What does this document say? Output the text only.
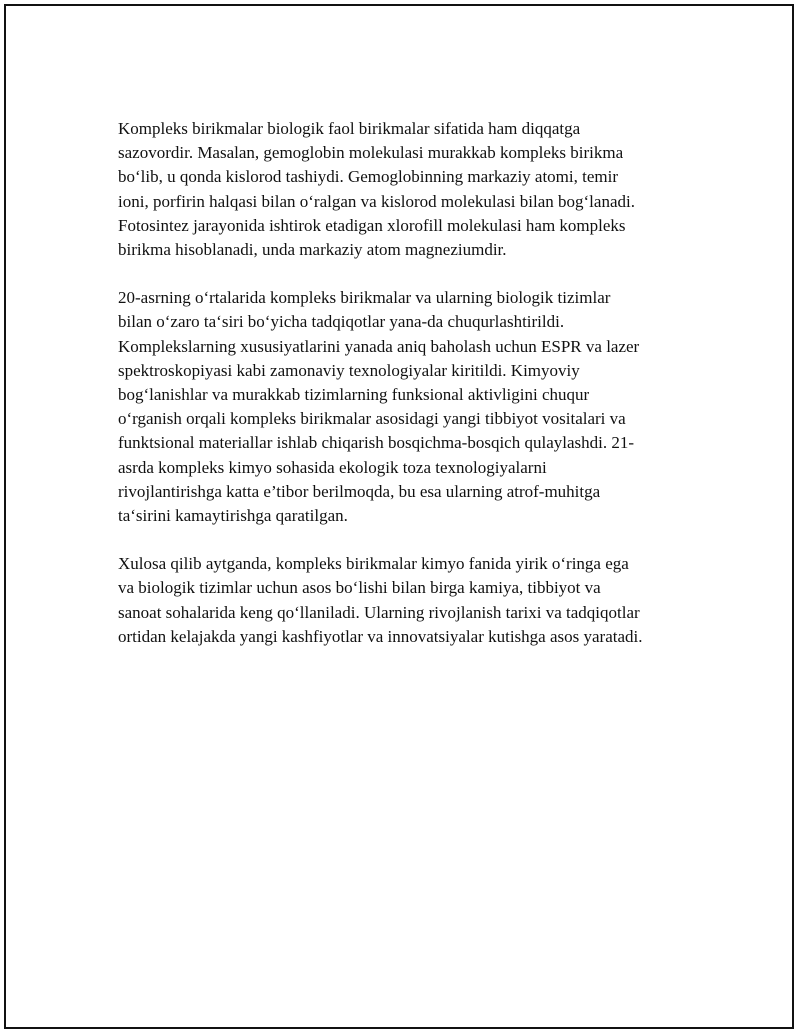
Kompleks birikmalar biologik faol birikmalar sifatida ham diqqatga
sazovordir. Masalan, gemoglobin molekulasi murakkab kompleks birikma
bo‘lib, u qonda kislorod tashiydi. Gemoglobinning markaziy atomi, temir
ioni, porfirin halqasi bilan o‘ralgan va kislorod molekulasi bilan bog‘lanadi.
Fotosintez jarayonida ishtirok etadigan xlorofill molekulasi ham kompleks
birikma hisoblanadi, unda markaziy atom magneziumdir.

20-asrning o‘rtalarida kompleks birikmalar va ularning biologik tizimlar
bilan o‘zaro ta‘siri bo‘yicha tadqiqotlar yana-da chuqurlashtirildi.
Komplekslarning xususiyatlarini yanada aniq baholash uchun ESPR va lazer
spektroskopiyasi kabi zamonaviy texnologiyalar kiritildi. Kimyoviy
bog‘lanishlar va murakkab tizimlarning funksional aktivligini chuqur
o‘rganish orqali kompleks birikmalar asosidagi yangi tibbiyot vositalari va
funktsional materiallar ishlab chiqarish bosqichma-bosqich qulaylashdi. 21-
asrda kompleks kimyo sohasida ekologik toza texnologiyalarni
rivojlantirishga katta e’tibor berilmoqda, bu esa ularning atrof-muhitga
ta‘sirini kamaytirishga qaratilgan.

Xulosa qilib aytganda, kompleks birikmalar kimyo fanida yirik o‘ringa ega
va biologik tizimlar uchun asos bo‘lishi bilan birga kamiya, tibbiyot va
sanoat sohalarida keng qo‘llaniladi. Ularning rivojlanish tarixi va tadqiqotlar
ortidan kelajakda yangi kashfiyotlar va innovatsiyalar kutishga asos yaratadi.
